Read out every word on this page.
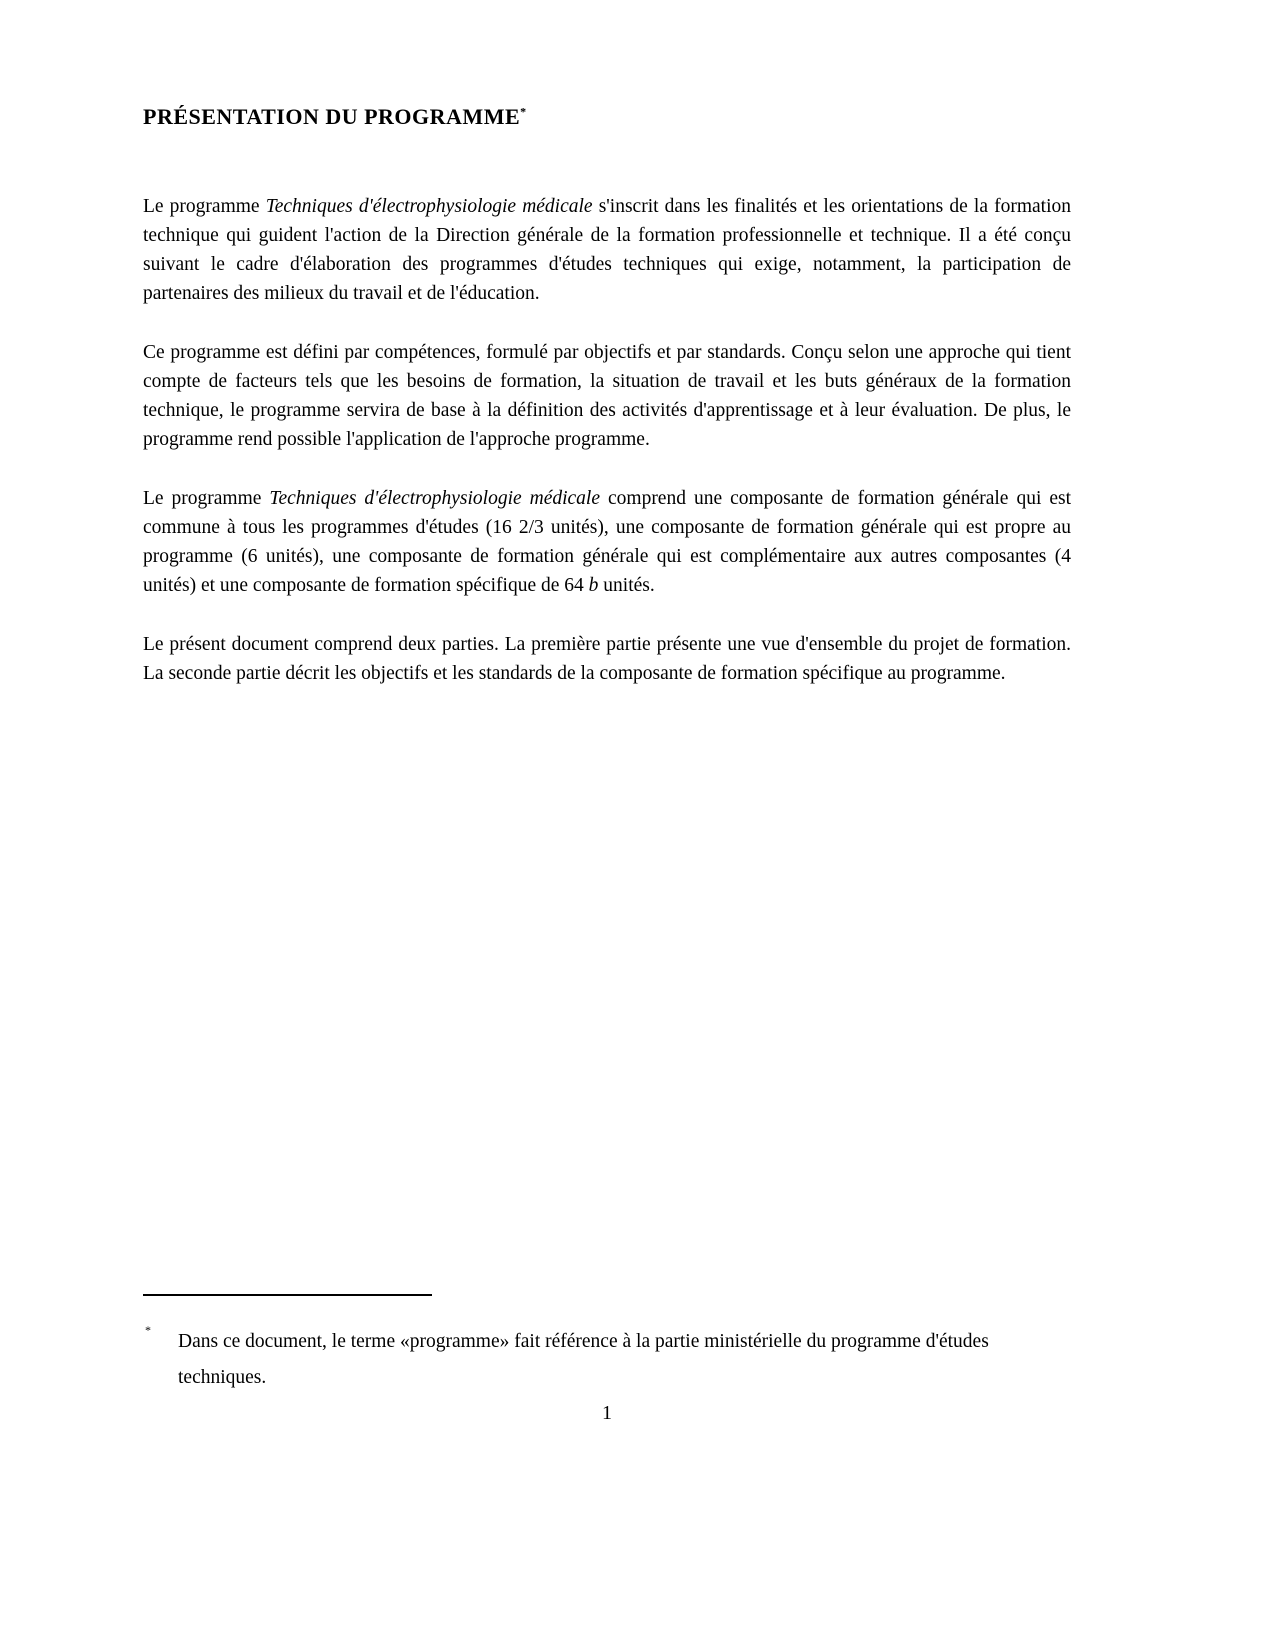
PRÉSENTATION DU PROGRAMME*

Le programme Techniques d'électrophysiologie médicale s'inscrit dans les finalités et les orientations de la formation technique qui guident l'action de la Direction générale de la formation professionnelle et technique. Il a été conçu suivant le cadre d'élaboration des programmes d'études techniques qui exige, notamment, la participation de partenaires des milieux du travail et de l'éducation.

Ce programme est défini par compétences, formulé par objectifs et par standards. Conçu selon une approche qui tient compte de facteurs tels que les besoins de formation, la situation de travail et les buts généraux de la formation technique, le programme servira de base à la définition des activités d'apprentissage et à leur évaluation. De plus, le programme rend possible l'application de l'approche programme.

Le programme Techniques d'électrophysiologie médicale comprend une composante de formation générale qui est commune à tous les programmes d'études (16 2/3 unités), une composante de formation générale qui est propre au programme (6 unités), une composante de formation générale qui est complémentaire aux autres composantes (4 unités) et une composante de formation spécifique de 64 b unités.

Le présent document comprend deux parties. La première partie présente une vue d'ensemble du projet de formation. La seconde partie décrit les objectifs et les standards de la composante de formation spécifique au programme.

*
Dans ce document, le terme «programme» fait référence à la partie ministérielle du programme d'études techniques.
1
